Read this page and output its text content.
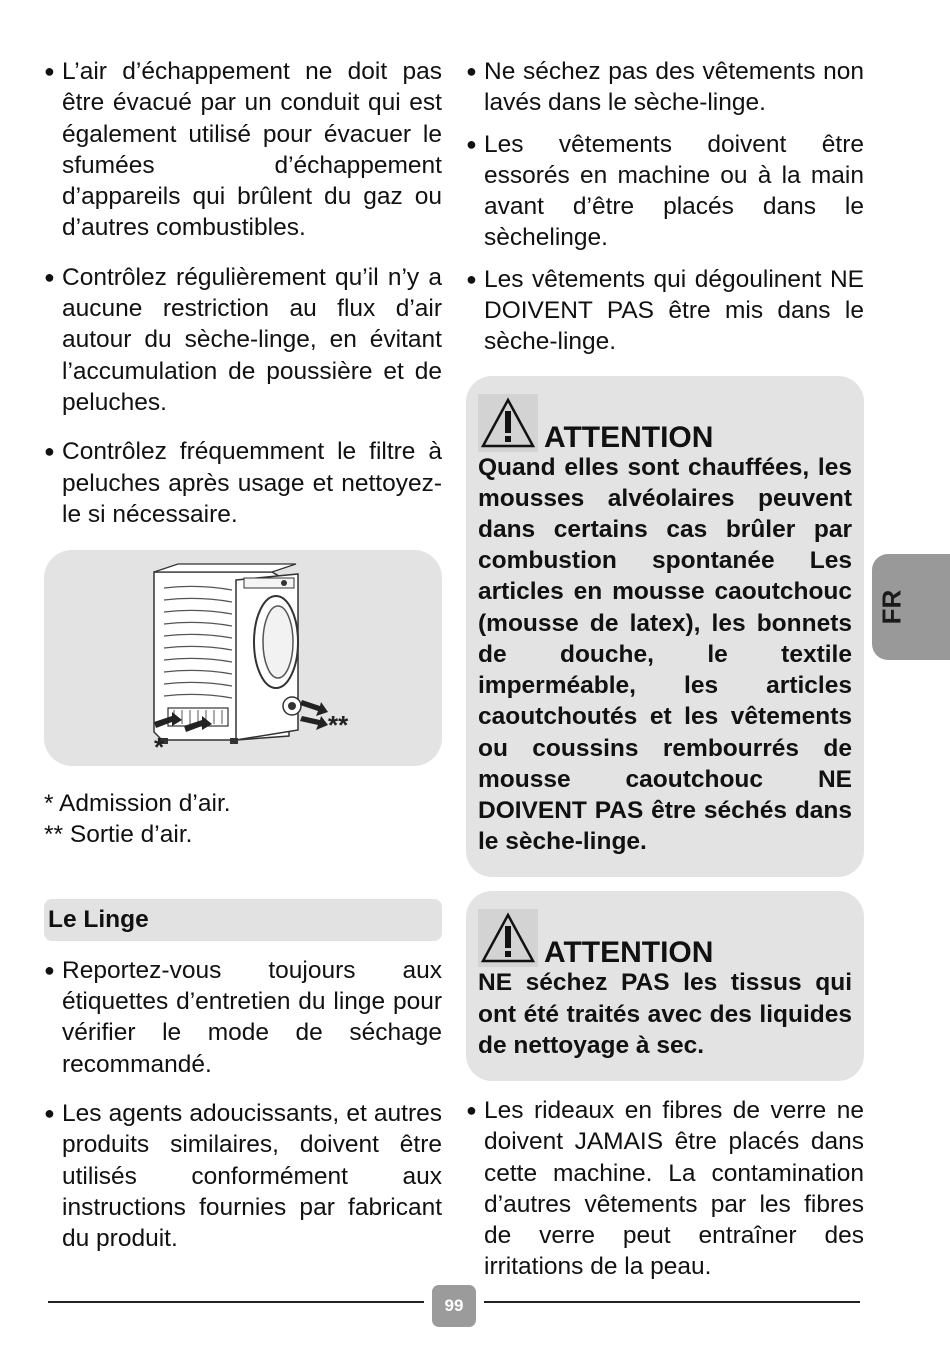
● L’air d’échappement ne doit pas être évacué par un conduit qui est également utilisé pour évacuer le sfumées d’échappement d’appareils qui brûlent du gaz ou d’autres combustibles.
● Contrôlez régulièrement qu’il n’y a aucune restriction au flux d’air autour du sèche-linge, en évitant l’accumulation de poussière et de peluches.
● Contrôlez fréquemment le filtre à peluches après usage et nettoyez-le si nécessaire.
*
**
* Admission d’air.
** Sortie d’air.
Le Linge
● Reportez-vous toujours aux étiquettes d’entretien du linge pour vérifier le mode de séchage recommandé.
● Les agents adoucissants, et autres produits similaires, doivent être utilisés conformément aux instructions fournies par fabricant du produit.
● Ne séchez pas des vêtements non lavés dans le sèche-linge.
● Les vêtements doivent être essorés en machine ou à la main avant d’être placés dans le sèchelinge.
● Les vêtements qui dégoulinent NE DOIVENT PAS être mis dans le sèche-linge.
ATTENTION
Quand elles sont chauffées, les mousses alvéolaires peuvent dans certains cas brûler par combustion spontanée Les articles en mousse caoutchouc (mousse de latex), les bonnets de douche, le textile imperméable, les articles caoutchoutés et les vêtements ou coussins rembourrés de mousse caoutchouc NE DOIVENT PAS être séchés dans le sèche-linge.
ATTENTION
NE séchez PAS les tissus qui ont été traités avec des liquides de nettoyage à sec.
● Les rideaux en fibres de verre ne doivent JAMAIS être placés dans cette machine. La contamination d’autres vêtements par les fibres de verre peut entraîner des irritations de la peau.
FR
99
